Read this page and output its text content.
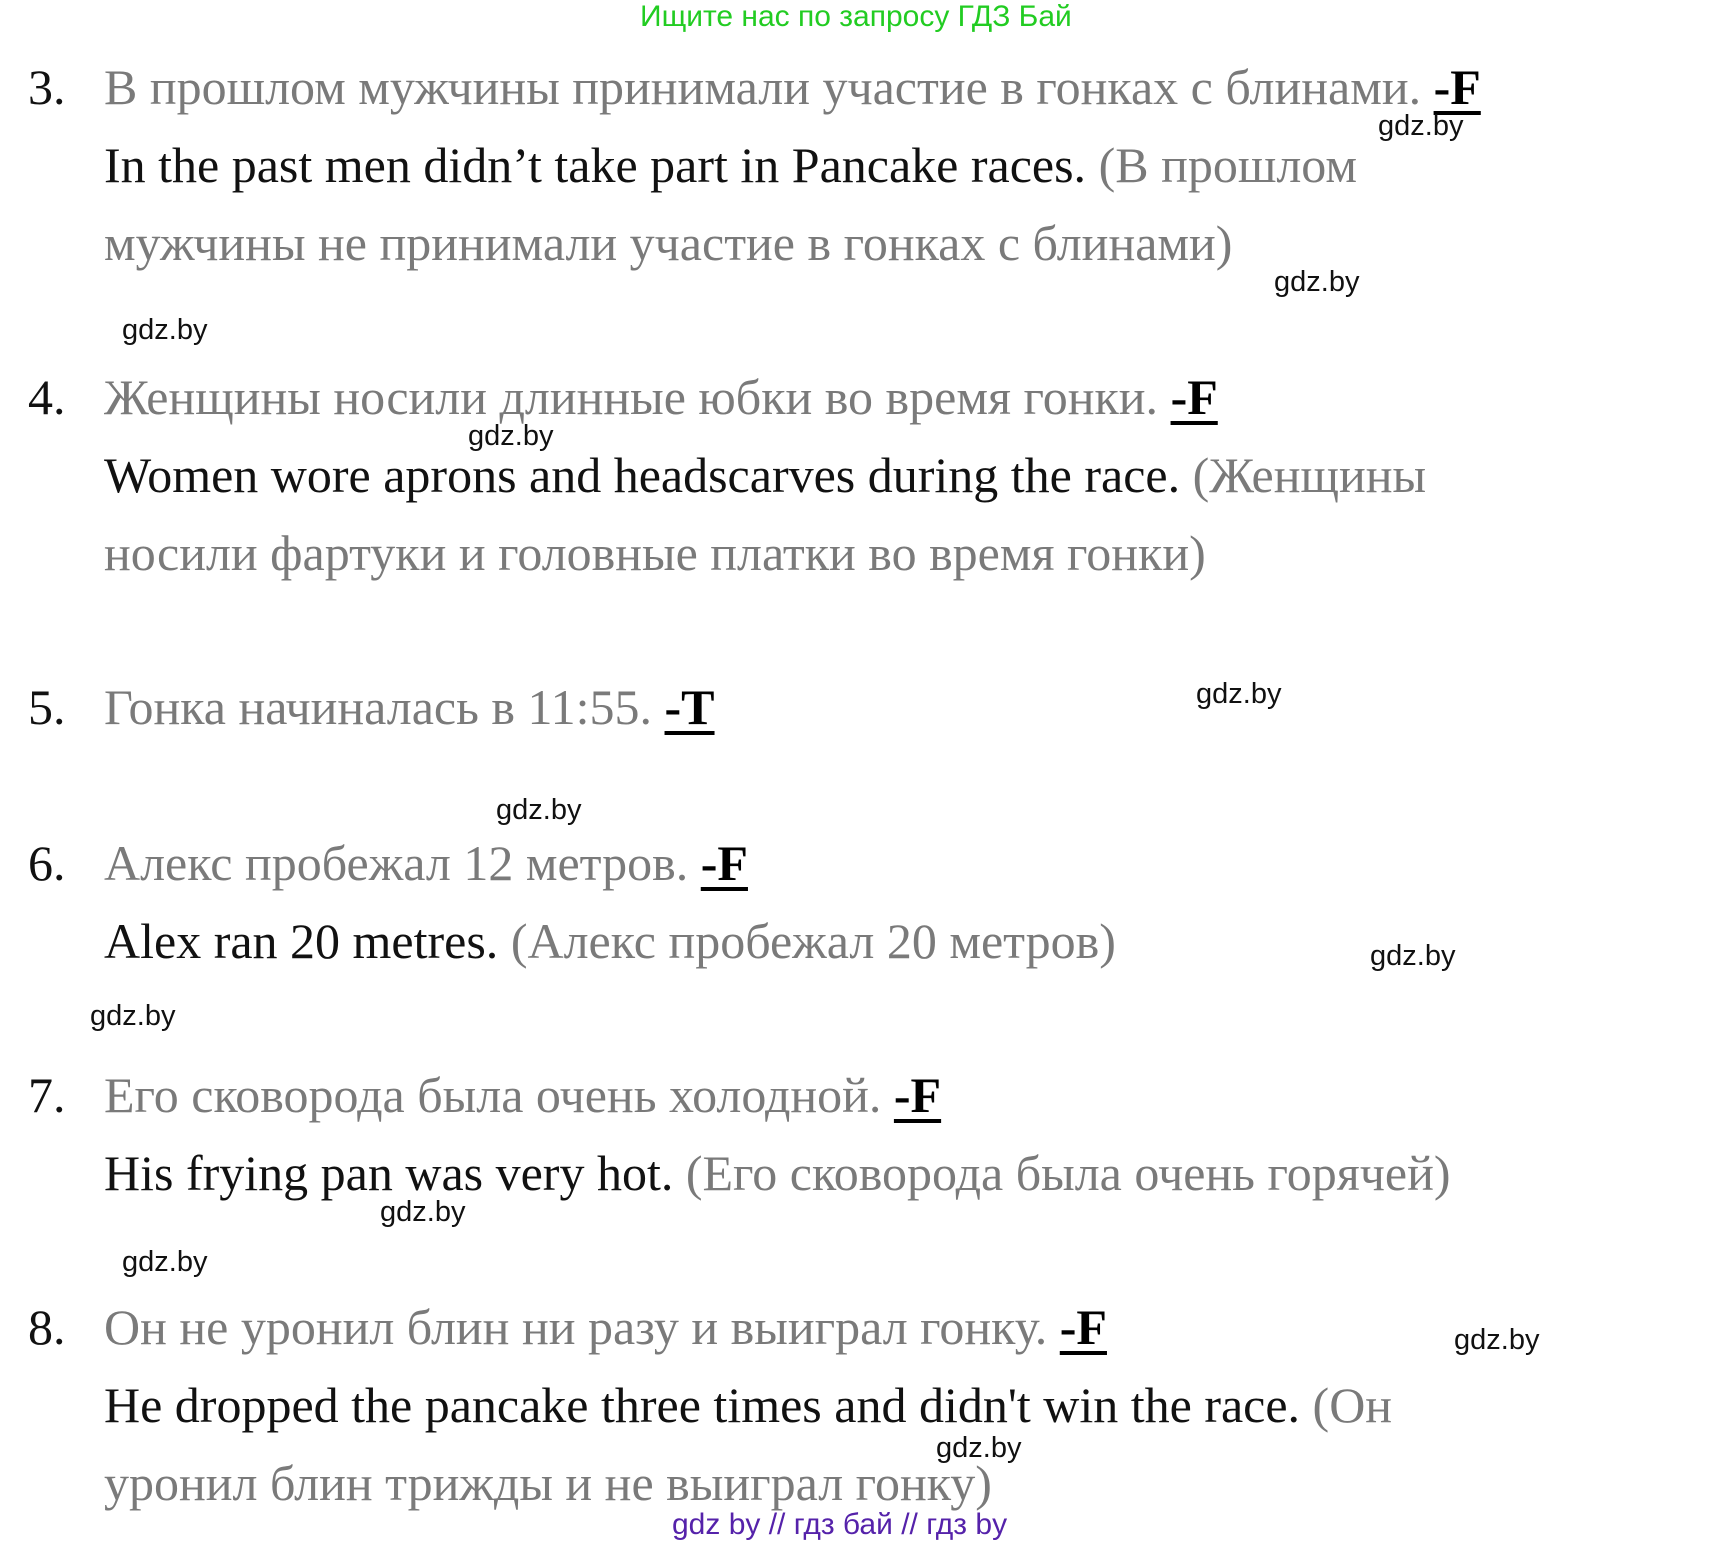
Ищите нас по запросу ГДЗ Бай
3. В прошлом мужчины принимали участие в гонках с блинами. -F
In the past men didn’t take part in Pancake races. (В прошлом
мужчины не принимали участие в гонках с блинами)
4. Женщины носили длинные юбки во время гонки. -F
Women wore aprons and headscarves during the race. (Женщины
носили фартуки и головные платки во время гонки)
5. Гонка начиналась в 11:55. -T
6. Алекс пробежал 12 метров. -F
Alex ran 20 metres. (Алекс пробежал 20 метров)
7. Его сковорода была очень холодной. -F
His frying pan was very hot. (Его сковорода была очень горячей)
8. Он не уронил блин ни разу и выиграл гонку. -F
He dropped the pancake three times and didn't win the race. (Он
уронил блин трижды и не выиграл гонку)
gdz.by
gdz.by
gdz.by
gdz.by
gdz.by
gdz.by
gdz.by
gdz.by
gdz.by
gdz.by
gdz.by
gdz.by
gdz by // гдз бай // гдз by
